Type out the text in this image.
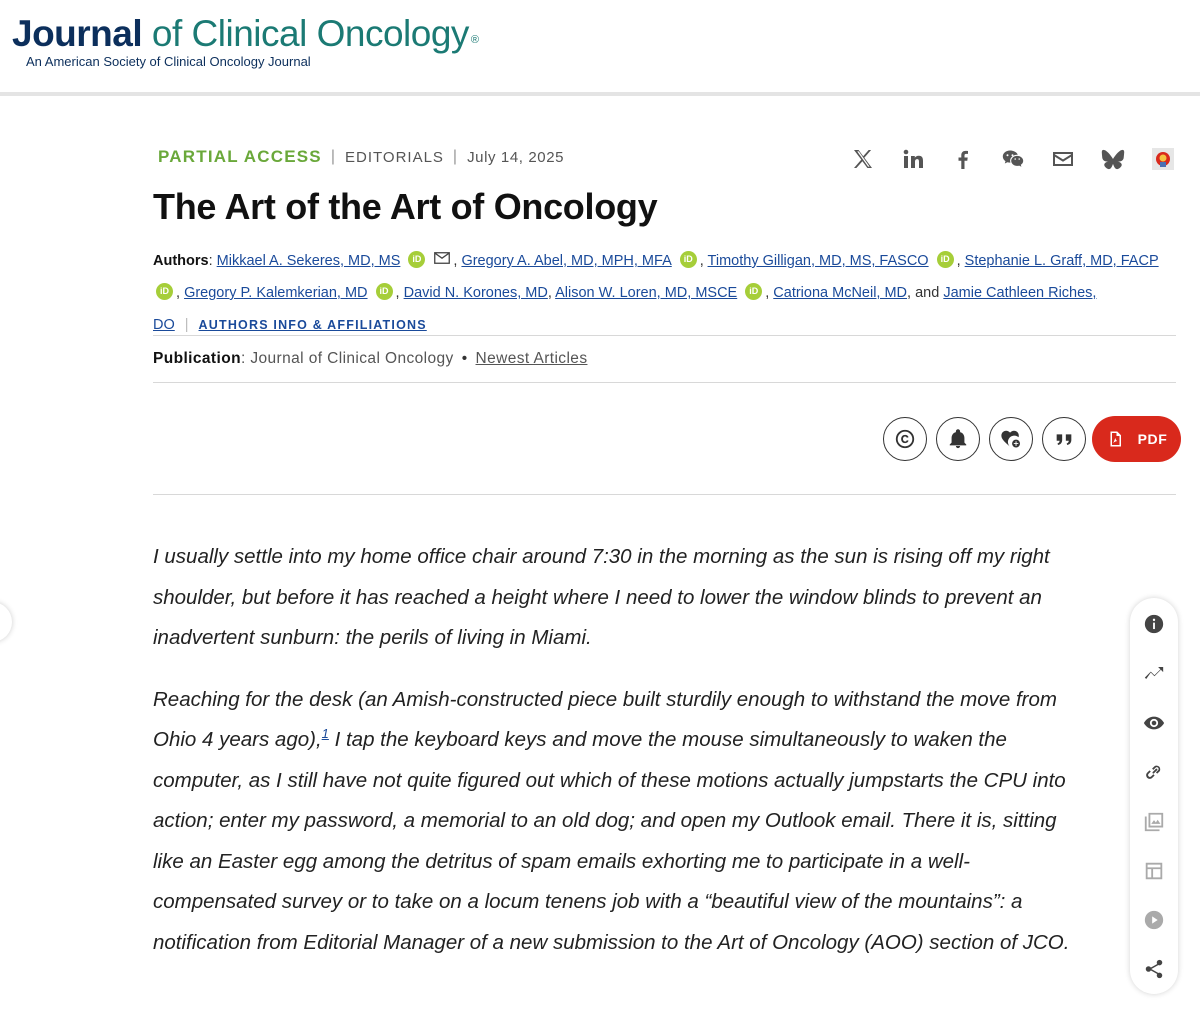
Journal of Clinical Oncology ®
An American Society of Clinical Oncology Journal
PARTIAL ACCESS | EDITORIALS | July 14, 2025
The Art of the Art of Oncology
Authors: Mikkael A. Sekeres, MD, MS iD , Gregory A. Abel, MD, MPH, MFA iD , Timothy Gilligan, MD, MS, FASCO iD , Stephanie L. Graff, MD, FACP
iD , Gregory P. Kalemkerian, MD iD , David N. Korones, MD, Alison W. Loren, MD, MSCE iD , Catriona McNeil, MD, and Jamie Cathleen Riches,
DO | AUTHORS INFO & AFFILIATIONS
Publication: Journal of Clinical Oncology • Newest Articles
PDF

I usually settle into my home office chair around 7:30 in the morning as the sun is rising off my right shoulder, but before it has reached a height where I need to lower the window blinds to prevent an inadvertent sunburn: the perils of living in Miami.

Reaching for the desk (an Amish-constructed piece built sturdily enough to withstand the move from Ohio 4 years ago),$^1$ I tap the keyboard keys and move the mouse simultaneously to waken the computer, as I still have not quite figured out which of these motions actually jumpstarts the CPU into action; enter my password, a memorial to an old dog; and open my Outlook email. There it is, sitting like an Easter egg among the detritus of spam emails exhorting me to participate in a well-compensated survey or to take on a locum tenens job with a “beautiful view of the mountains”: a notification from Editorial Manager of a new submission to the Art of Oncology (AOO) section of JCO.
